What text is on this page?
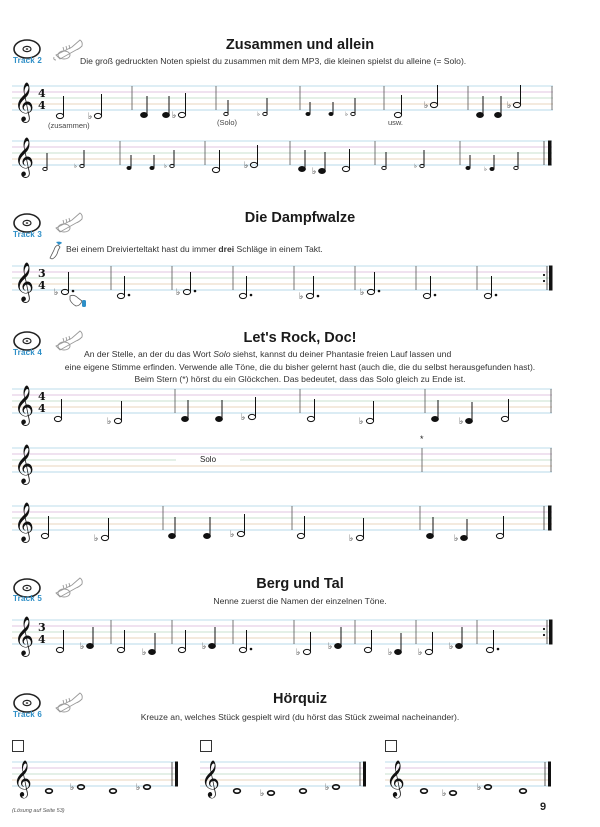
Track 2
Zusammen und allein
Die groß gedruckten Noten spielst du zusammen mit dem MP3, die kleinen spielst du alleine (= Solo).
𝄞 4
4
♭	♭	♭	♭
♭	♭
(zusammen)	(Solo)	usw.
𝄞	♭	♭	♭	♭
♭	♭
Track 3
Die Dampfwalze
Bei einem Dreivierteltakt hast du immer drei Schläge in einem Takt.
𝄞 3
4
♭	♭	♭	♭
Track 4
Let's Rock, Doc!
An der Stelle, an der du das Wort Solo siehst, kannst du deiner Phantasie freien Lauf lassen und
eine eigene Stimme erfinden. Verwende alle Töne, die du bisher gelernt hast (auch die, die du selbst herausgefunden hast).
Beim Stern (*) hörst du ein Glöckchen. Das bedeutet, dass das Solo gleich zu Ende ist.
𝄞 4
4
♭	♭	♭	♭
𝄞	Solo
*
𝄞	♭	♭	♭	♭
Track 5
Berg und Tal
Nenne zuerst die Namen der einzelnen Töne.
𝄞 3
4
♭	♭
♭
♭
♭	♭
♭
♭
Track 6
Hörquiz
Kreuze an, welches Stück gespielt wird (du hörst das Stück zweimal nacheinander).
𝄞	♭	♭ 𝄞	♭
♭ 𝄞	♭
♭
(Lösung auf Seite 53)	9
